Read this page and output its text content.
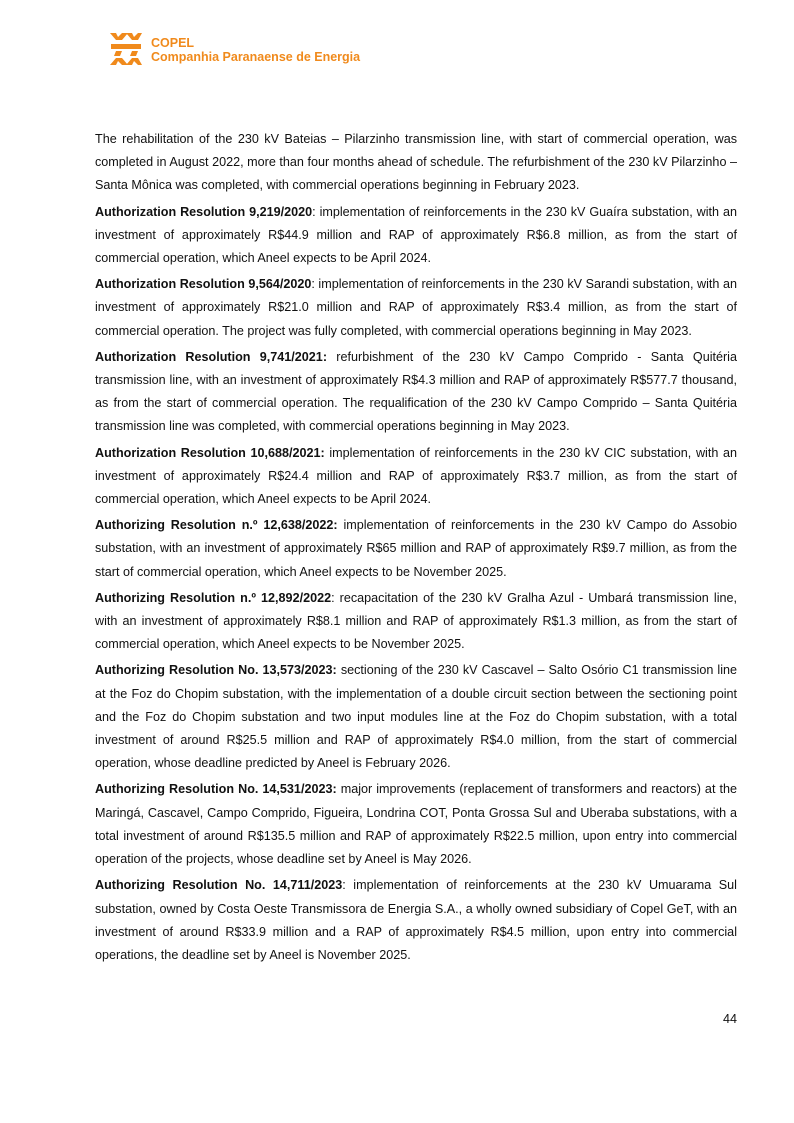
COPEL
Companhia Paranaense de Energia

The rehabilitation of the 230 kV Bateias – Pilarzinho transmission line, with start of commercial operation, was completed in August 2022, more than four months ahead of schedule. The refurbishment of the 230 kV Pilarzinho – Santa Mônica was completed, with commercial operations beginning in February 2023.

Authorization Resolution 9,219/2020: implementation of reinforcements in the 230 kV Guaíra substation, with an investment of approximately R$44.9 million and RAP of approximately R$6.8 million, as from the start of commercial operation, which Aneel expects to be April 2024.

Authorization Resolution 9,564/2020: implementation of reinforcements in the 230 kV Sarandi substation, with an investment of approximately R$21.0 million and RAP of approximately R$3.4 million, as from the start of commercial operation. The project was fully completed, with commercial operations beginning in May 2023.

Authorization Resolution 9,741/2021: refurbishment of the 230 kV Campo Comprido - Santa Quitéria transmission line, with an investment of approximately R$4.3 million and RAP of approximately R$577.7 thousand, as from the start of commercial operation. The requalification of the 230 kV Campo Comprido – Santa Quitéria transmission line was completed, with commercial operations beginning in May 2023.

Authorization Resolution 10,688/2021: implementation of reinforcements in the 230 kV CIC substation, with an investment of approximately R$24.4 million and RAP of approximately R$3.7 million, as from the start of commercial operation, which Aneel expects to be April 2024.

Authorizing Resolution n.º 12,638/2022: implementation of reinforcements in the 230 kV Campo do Assobio substation, with an investment of approximately R$65 million and RAP of approximately R$9.7 million, as from the start of commercial operation, which Aneel expects to be November 2025.

Authorizing Resolution n.º 12,892/2022: recapacitation of the 230 kV Gralha Azul - Umbará transmission line, with an investment of approximately R$8.1 million and RAP of approximately R$1.3 million, as from the start of commercial operation, which Aneel expects to be November 2025.

Authorizing Resolution No. 13,573/2023: sectioning of the 230 kV Cascavel – Salto Osório C1 transmission line at the Foz do Chopim substation, with the implementation of a double circuit section between the sectioning point and the Foz do Chopim substation and two input modules line at the Foz do Chopim substation, with a total investment of around R$25.5 million and RAP of approximately R$4.0 million, from the start of commercial operation, whose deadline predicted by Aneel is February 2026.

Authorizing Resolution No. 14,531/2023: major improvements (replacement of transformers and reactors) at the Maringá, Cascavel, Campo Comprido, Figueira, Londrina COT, Ponta Grossa Sul and Uberaba substations, with a total investment of around R$135.5 million and RAP of approximately R$22.5 million, upon entry into commercial operation of the projects, whose deadline set by Aneel is May 2026.

Authorizing Resolution No. 14,711/2023: implementation of reinforcements at the 230 kV Umuarama Sul substation, owned by Costa Oeste Transmissora de Energia S.A., a wholly owned subsidiary of Copel GeT, with an investment of around R$33.9 million and a RAP of approximately R$4.5 million, upon entry into commercial operations, the deadline set by Aneel is November 2025.

44
